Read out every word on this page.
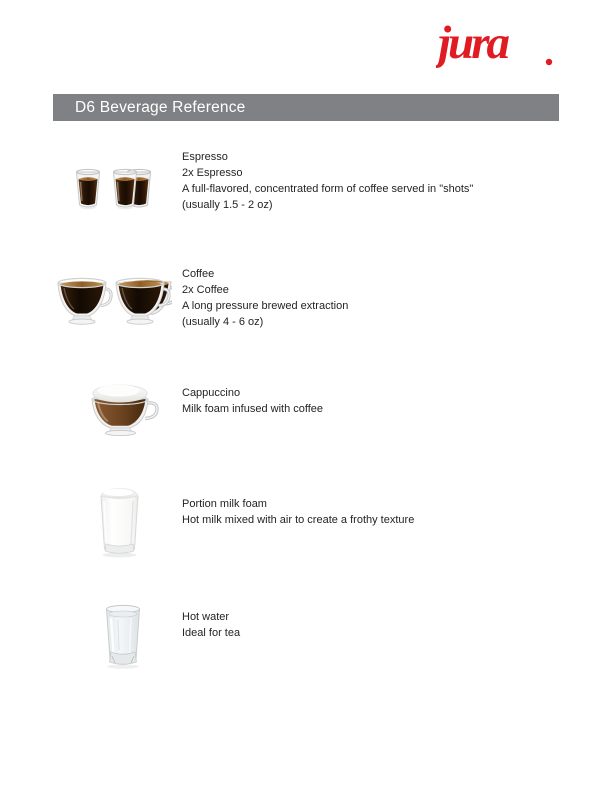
jura
D6 Beverage Reference
Espresso
2x Espresso
A full-flavored, concentrated form of coffee served in "shots"
(usually 1.5 - 2 oz)
Coffee
2x Coffee
A long pressure brewed extraction
(usually 4 - 6 oz)
Cappuccino
Milk foam infused with coffee
Portion milk foam
Hot milk mixed with air to create a frothy texture
Hot water
Ideal for tea
